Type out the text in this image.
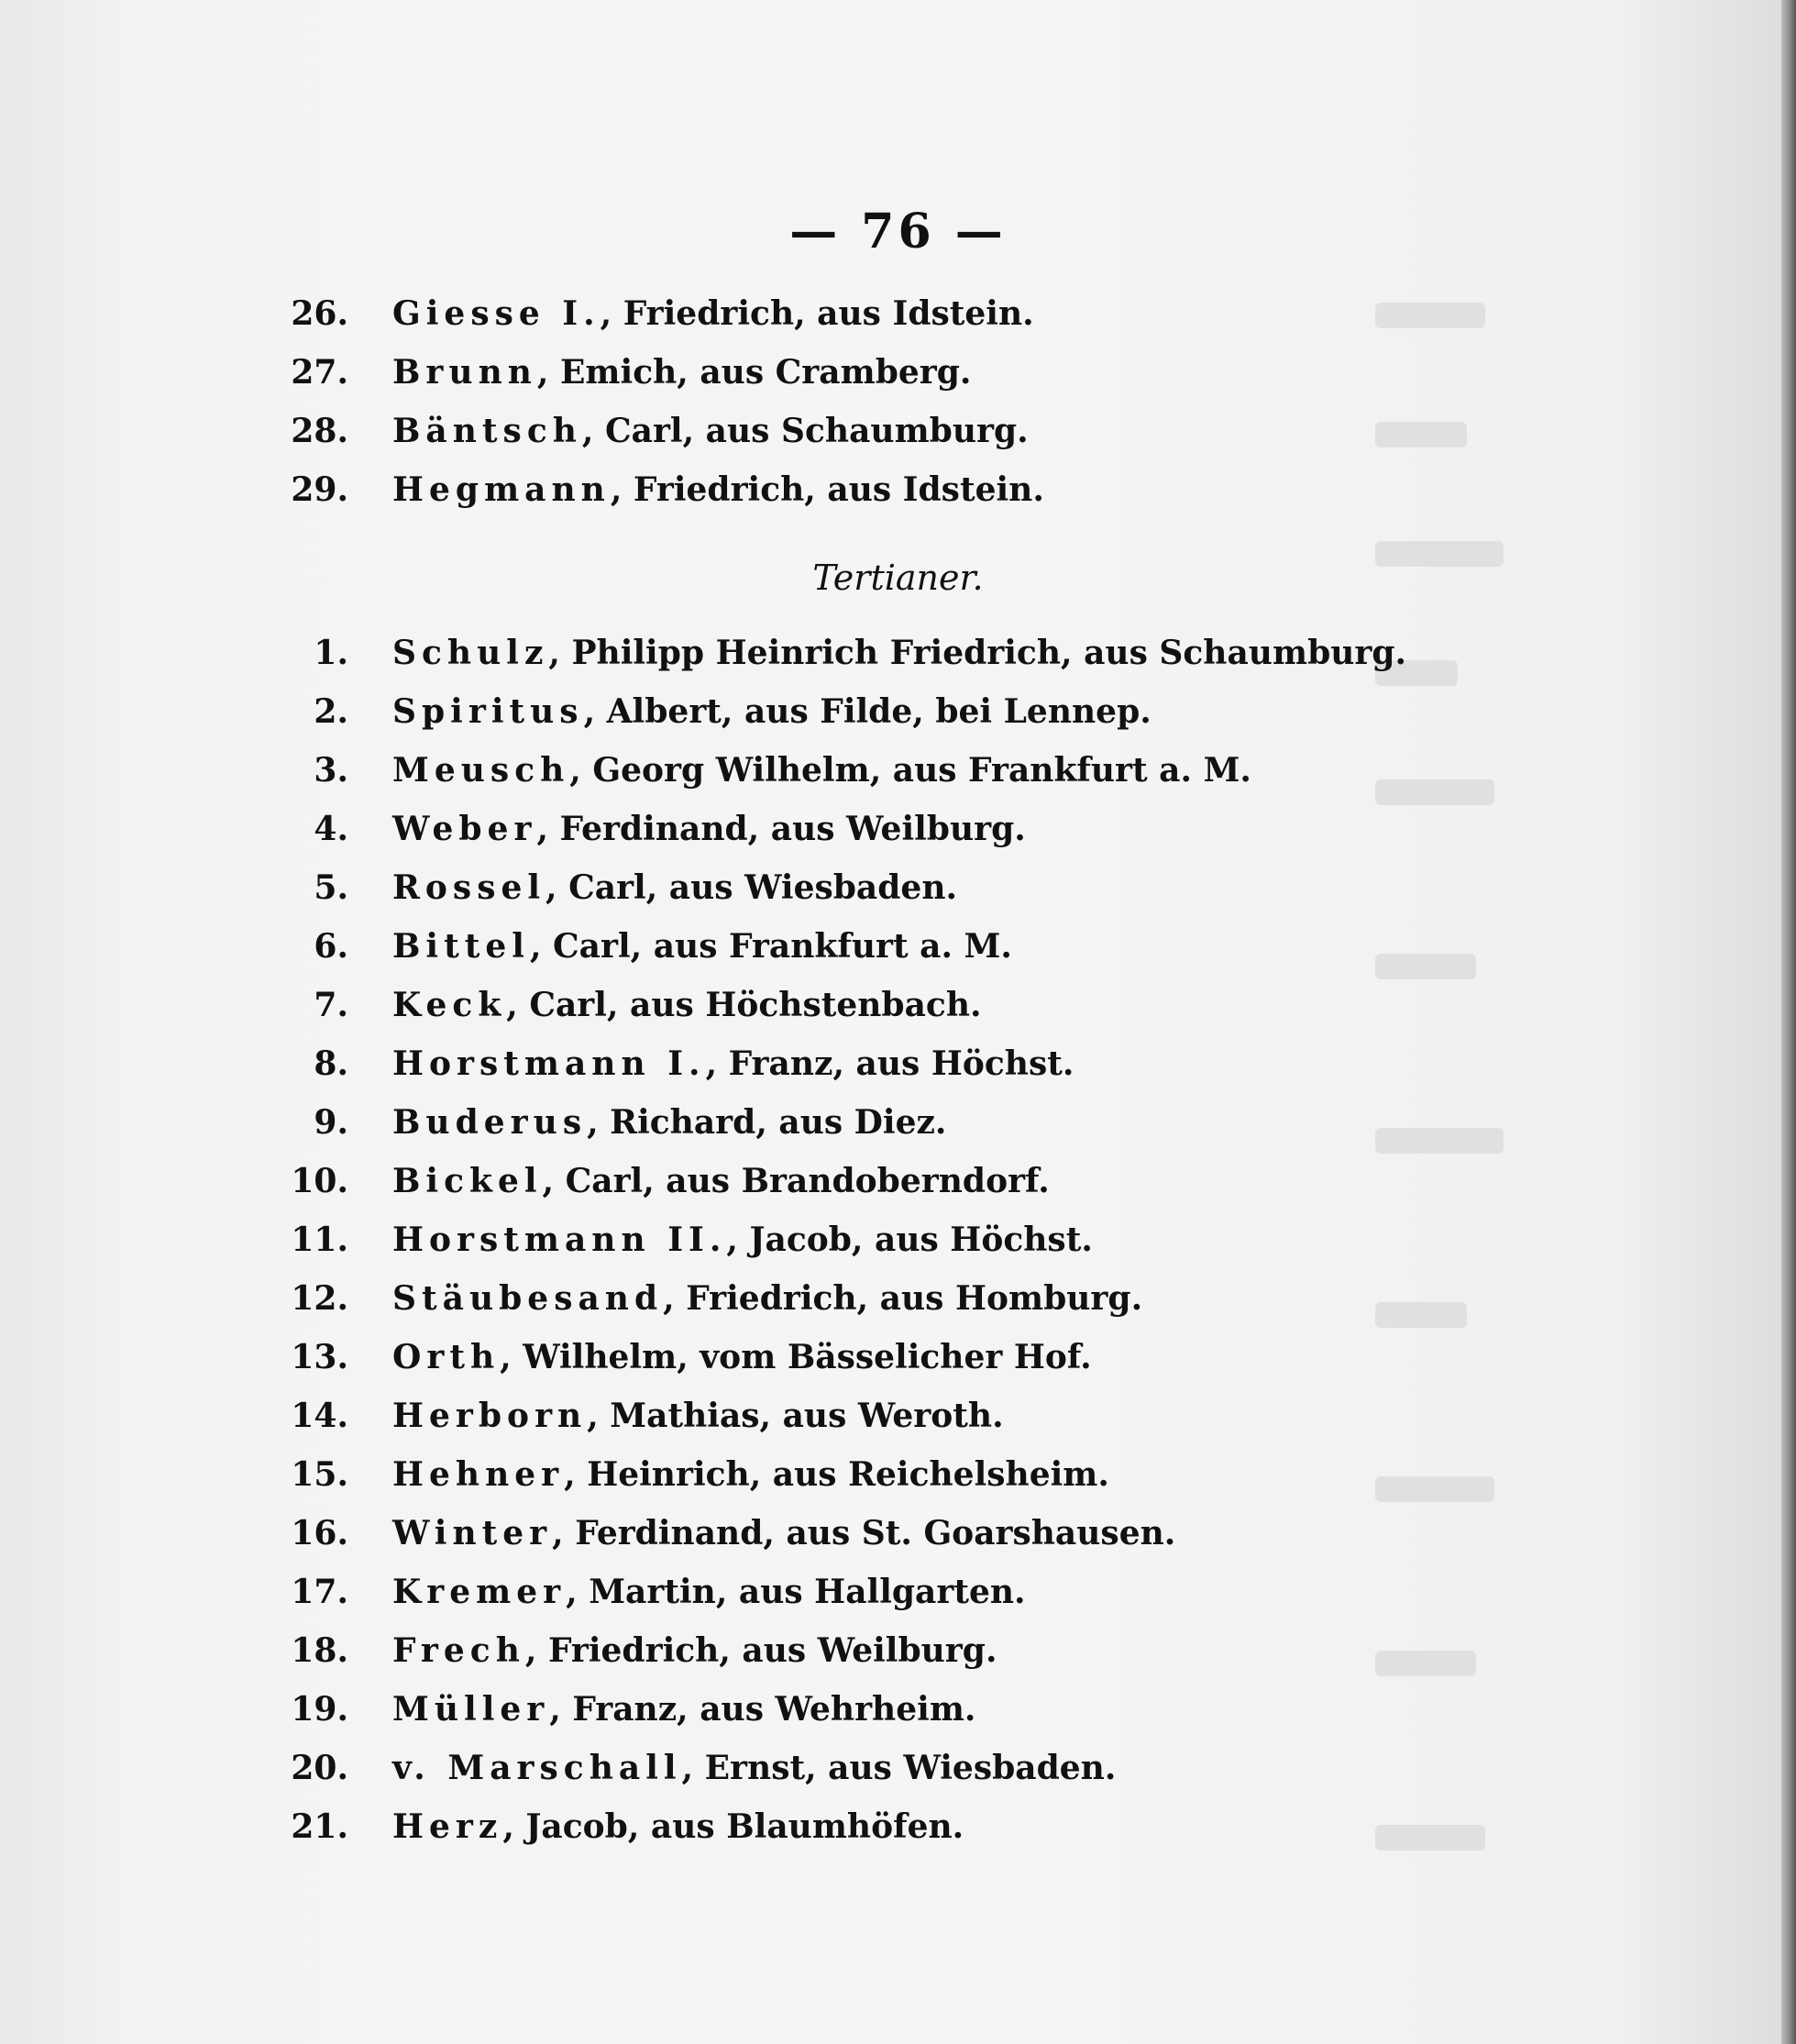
— 76 —
26. Giesse I., Friedrich, aus Idstein.
27. Brunn, Emich, aus Cramberg.
28. Bäntsch, Carl, aus Schaumburg.
29. Hegmann, Friedrich, aus Idstein.
Tertianer.
1. Schulz, Philipp Heinrich Friedrich, aus Schaumburg.
2. Spiritus, Albert, aus Filde, bei Lennep.
3. Meusch, Georg Wilhelm, aus Frankfurt a. M.
4. Weber, Ferdinand, aus Weilburg.
5. Rossel, Carl, aus Wiesbaden.
6. Bittel, Carl, aus Frankfurt a. M.
7. Keck, Carl, aus Höchstenbach.
8. Horstmann I., Franz, aus Höchst.
9. Buderus, Richard, aus Diez.
10. Bickel, Carl, aus Brandoberndorf.
11. Horstmann II., Jacob, aus Höchst.
12. Stäubesand, Friedrich, aus Homburg.
13. Orth, Wilhelm, vom Bässelicher Hof.
14. Herborn, Mathias, aus Weroth.
15. Hehner, Heinrich, aus Reichelsheim.
16. Winter, Ferdinand, aus St. Goarshausen.
17. Kremer, Martin, aus Hallgarten.
18. Frech, Friedrich, aus Weilburg.
19. Müller, Franz, aus Wehrheim.
20. v. Marschall, Ernst, aus Wiesbaden.
21. Herz, Jacob, aus Blaumhöfen.
